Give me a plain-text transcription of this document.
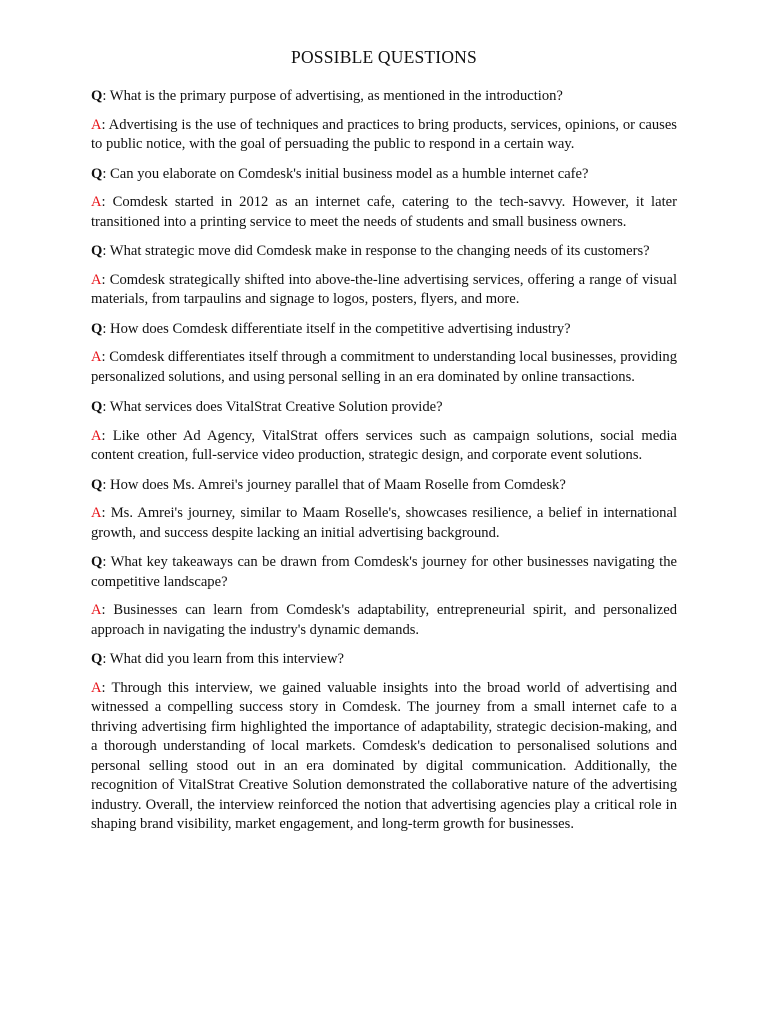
POSSIBLE QUESTIONS

Q: What is the primary purpose of advertising, as mentioned in the introduction?

A: Advertising is the use of techniques and practices to bring products, services, opinions, or causes to public notice, with the goal of persuading the public to respond in a certain way.

Q: Can you elaborate on Comdesk's initial business model as a humble internet cafe?

A: Comdesk started in 2012 as an internet cafe, catering to the tech-savvy. However, it later transitioned into a printing service to meet the needs of students and small business owners.

Q: What strategic move did Comdesk make in response to the changing needs of its customers?

A: Comdesk strategically shifted into above-the-line advertising services, offering a range of visual materials, from tarpaulins and signage to logos, posters, flyers, and more.

Q: How does Comdesk differentiate itself in the competitive advertising industry?

A: Comdesk differentiates itself through a commitment to understanding local businesses, providing personalized solutions, and using personal selling in an era dominated by online transactions.

Q: What services does VitalStrat Creative Solution provide?

A: Like other Ad Agency, VitalStrat offers services such as campaign solutions, social media content creation, full-service video production, strategic design, and corporate event solutions.

Q: How does Ms. Amrei's journey parallel that of Maam Roselle from Comdesk?

A: Ms. Amrei's journey, similar to Maam Roselle's, showcases resilience, a belief in international growth, and success despite lacking an initial advertising background.

Q: What key takeaways can be drawn from Comdesk's journey for other businesses navigating the competitive landscape?

A: Businesses can learn from Comdesk's adaptability, entrepreneurial spirit, and personalized approach in navigating the industry's dynamic demands.

Q: What did you learn from this interview?

A: Through this interview, we gained valuable insights into the broad world of advertising and witnessed a compelling success story in Comdesk. The journey from a small internet cafe to a thriving advertising firm highlighted the importance of adaptability, strategic decision-making, and a thorough understanding of local markets. Comdesk's dedication to personalised solutions and personal selling stood out in an era dominated by digital communication. Additionally, the recognition of VitalStrat Creative Solution demonstrated the collaborative nature of the advertising industry. Overall, the interview reinforced the notion that advertising agencies play a critical role in shaping brand visibility, market engagement, and long-term growth for businesses.
